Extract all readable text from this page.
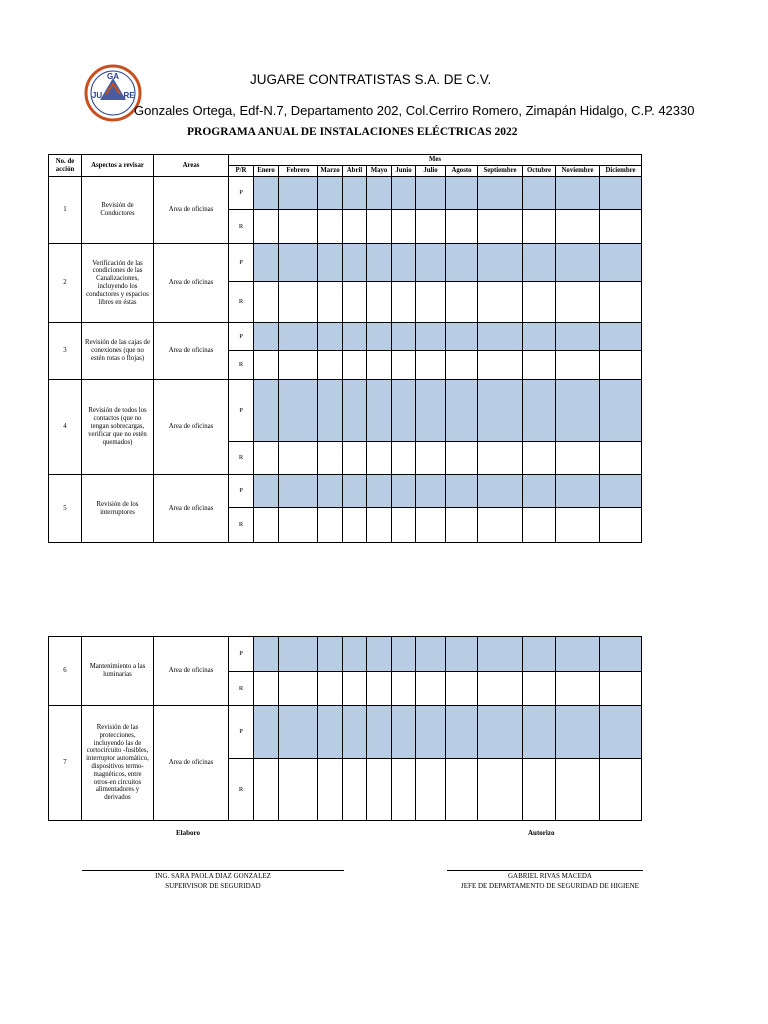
GA
JU	RE
JUGARE CONTRATISTAS S.A. DE C.V.
Gonzales Ortega, Edf-N.7, Departamento 202, Col.Cerriro Romero, Zimapán Hidalgo, C.P. 42330
PROGRAMA ANUAL DE INSTALACIONES ELÉCTRICAS 2022
No. de acción	Aspectos a revisar	Areas	Mes												
			P/R	Enero	Febrero	Marzo	Abril	Mayo	Junio	Julio	Agosto	Septiembre	Octubre	Noviembre	Diciembre
1	Revisión de Conductores	Area de oficinas	P												
			R												
2	Verificación de las condiciones de las Canalizaciones, incluyendo los conductores y espacios libres en éstas	Area de oficinas	P												
			R												
3	Revisión de las cajas de conexiones (que no estén rotas o flojas)	Area de oficinas	P												
			R												
4	Revisión de todos los contactos (que no tengan sobrecargas, verificar que no estén quemados)	Area de oficinas	P												
			R												
5	Revisión de los interruptores	Area de oficinas	P												
			R												
6	Mantenimiento a las luminarias	Area de oficinas	P												
			R												
7	Revisión de las protecciones, incluyendo las de cortocircuito -fusibles, interruptor automático, dispositivos termo-magnéticos, entre otros-en circuitos alimentadores y derivados	Area de oficinas	P												
			R												
Elaboro	Autorizo
ING. SARA PAOLA DIAZ GONZALEZ
SUPERVISOR DE SEGURIDAD
GABRIEL RIVAS MACEDA
JEFE DE DEPARTAMENTO DE SEGURIDAD DE HIGIENE
